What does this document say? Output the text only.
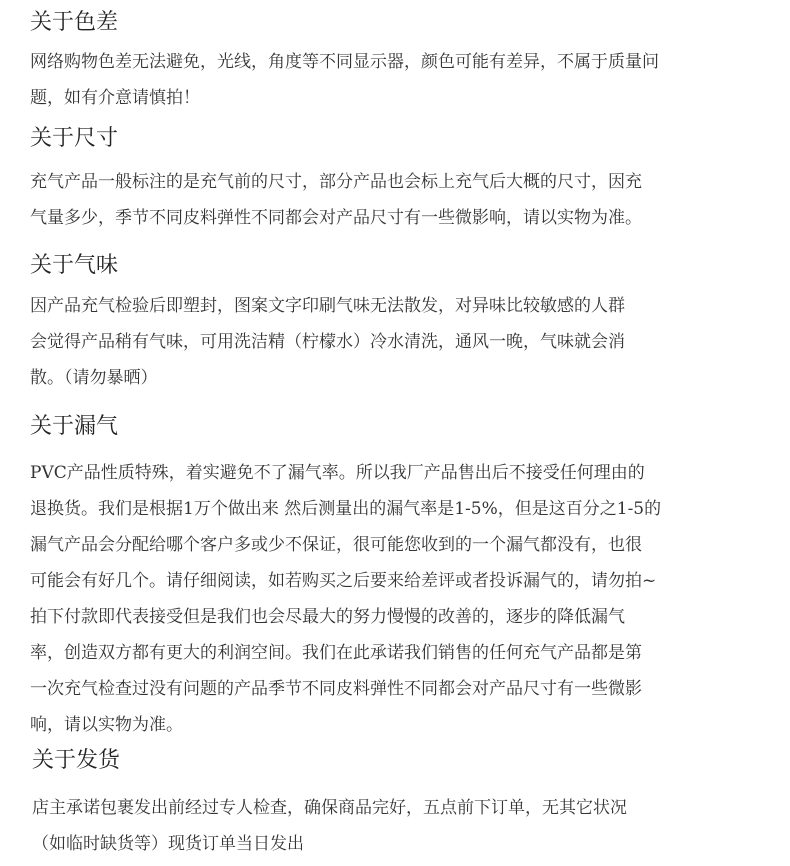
关于色差
网络购物色差无法避免，光线，角度等不同显示器，颜色可能有差异，不属于质量问
题，如有介意请慎拍！
关于尺寸
充气产品一般标注的是充气前的尺寸，部分产品也会标上充气后大概的尺寸，因充
气量多少，季节不同皮料弹性不同都会对产品尺寸有一些微影响，请以实物为准。
关于气味
因产品充气检验后即塑封，图案文字印刷气味无法散发，对异味比较敏感的人群
会觉得产品稍有气味，可用洗洁精（柠檬水）冷水清洗，通风一晚，气味就会消
散。（请勿暴晒）
关于漏气
PVC产品性质特殊，着实避免不了漏气率。所以我厂产品售出后不接受任何理由的
退换货。我们是根据1万个做出来 然后测量出的漏气率是1-5%，但是这百分之1-5的
漏气产品会分配给哪个客户多或少不保证，很可能您收到的一个漏气都没有，也很
可能会有好几个。请仔细阅读，如若购买之后要来给差评或者投诉漏气的，请勿拍~
拍下付款即代表接受但是我们也会尽最大的努力慢慢的改善的，逐步的降低漏气
率，创造双方都有更大的利润空间。我们在此承诺我们销售的任何充气产品都是第
一次充气检查过没有问题的产品季节不同皮料弹性不同都会对产品尺寸有一些微影
响，请以实物为准。
关于发货
店主承诺包裹发出前经过专人检查，确保商品完好，五点前下订单，无其它状况
（如临时缺货等）现货订单当日发出
